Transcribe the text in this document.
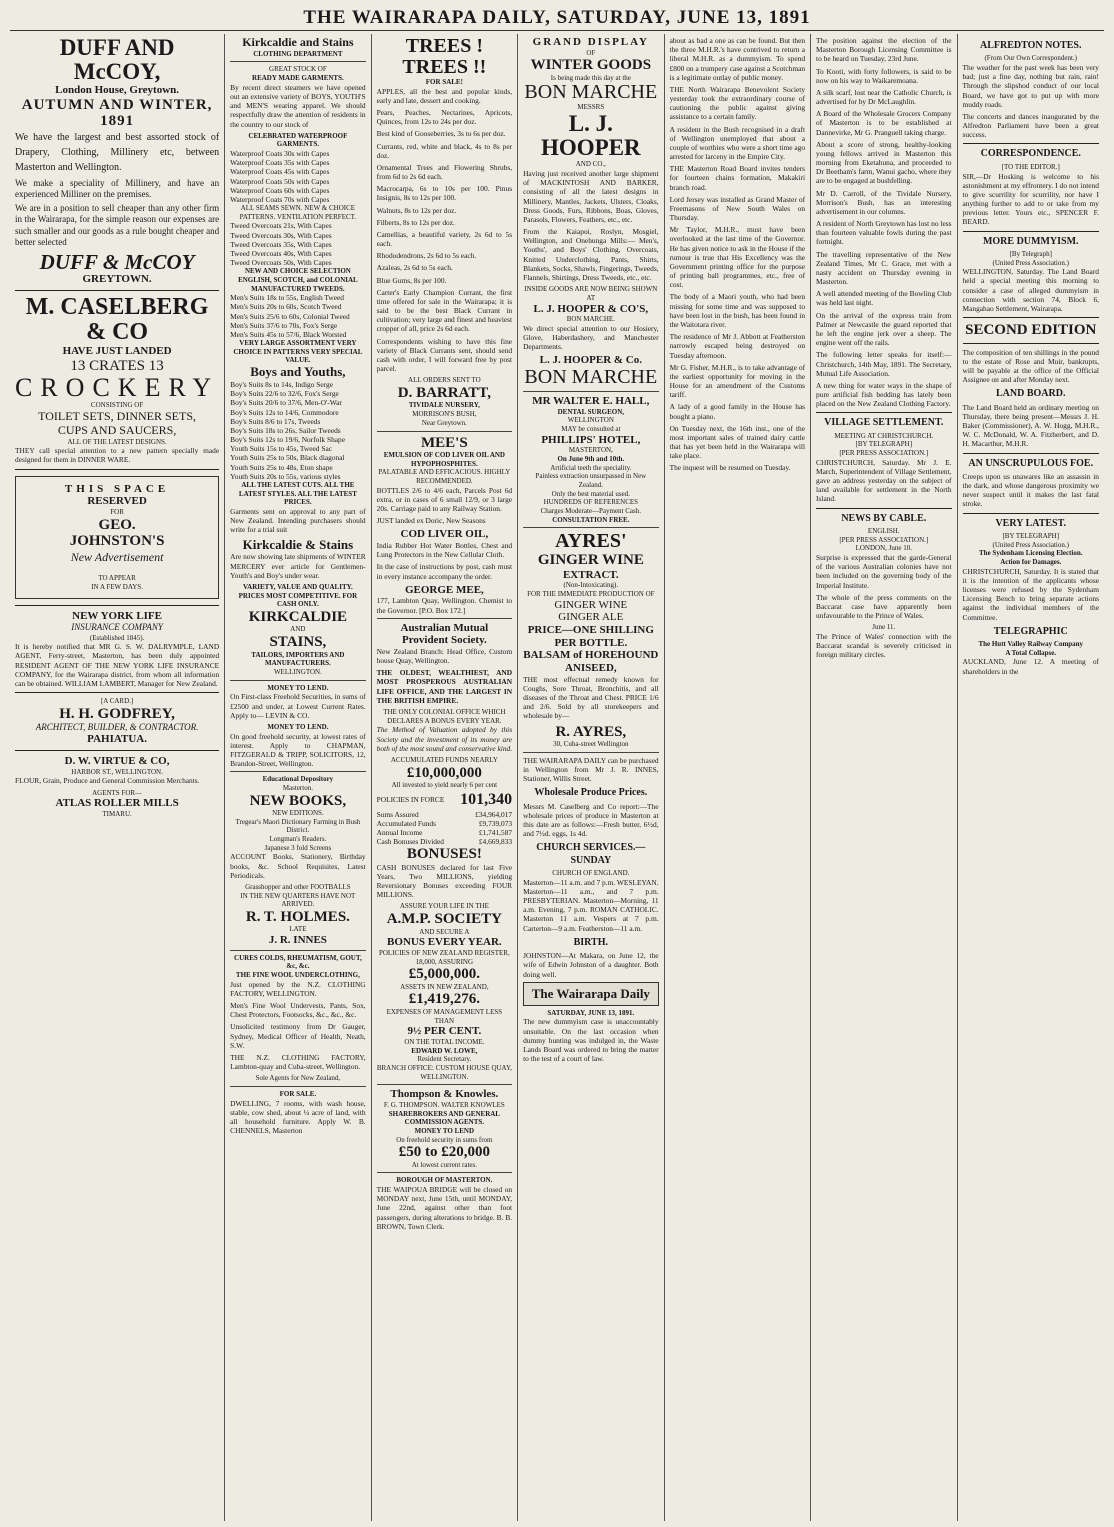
THE WAIRARAPA DAILY, SATURDAY, JUNE 13, 1891
DUFF AND McCOY,
London House, Greytown.
AUTUMN AND WINTER, 1891

We have the largest and best assorted stock of Drapery, Clothing, Millinery etc, between Masterton and Wellington.

We make a speciality of Millinery, and have an experienced Milliner on the premises.

We are in a position to sell cheaper than any other firm in the Wairarapa, for the simple reason our expenses are such smaller and our goods as a rule bought cheaper and better selected

DUFF & McCOY
GREYTOWN.
M. CASELBERG & CO
HAVE JUST LANDED
13 CRATES 13
CROCKERY
CONSISTING OF
TOILET SETS, DINNER SETS,
CUPS AND SAUCERS,
ALL OF THE LATEST DESIGNS.

THEY call special attention to a new pattern specially made designed for them in DINNER WARE.

THIS SPACE
RESERVED
FOR
GEO.
JOHNSTON'S
New Advertisement
TO APPEAR
IN A FEW DAYS.
NEW YORK LIFE
INSURANCE COMPANY
(Established 1845).

It is hereby notified that MR G. S. W. DALRYMPLE, LAND AGENT, Ferry-street, Masterton, has been duly appointed RESIDENT AGENT OF THE NEW YORK LIFE INSURANCE COMPANY, for the Wairarapa district, from whom all information can be obtained. WILLIAM LAMBERT, Manager for New Zealand.

[A CARD.]
H. H. GODFREY,
ARCHITECT, BUILDER, & CONTRACTOR.
PAHIATUA.
D. W. VIRTUE & CO,
HARBOR ST., WELLINGTON.

FLOUR, Grain, Produce and General Commission Merchants.

AGENTS FOR—
ATLAS ROLLER MILLS
TIMARU.
Kirkcaldie and Stains
CLOTHING DEPARTMENT
GREAT STOCK OF
READY MADE GARMENTS.

By recent direct steamers we have opened out an extensive variety of BOYS, YOUTH'S and MEN'S wearing apparel. We should respectfully draw the attention of residents in the country to our stock of

CELEBRATED WATERPROOF GARMENTS.
Waterproof Coats 30s with Capes
Waterproof Coats 35s with Capes
Waterproof Coats 45s with Capes
Waterproof Coats 50s with Capes
Waterproof Coats 60s with Capes
Waterproof Coats 70s with Capes
ALL SEAMS SEWN. NEW & CHOICE PATTERNS. VENTILATION PERFECT.
Tweed Overcoats 21s, With Capes
Tweed Overcoats 30s, With Capes
Tweed Overcoats 35s, With Capes
Tweed Overcoats 40s, With Capes
Tweed Overcoats 50s, With Capes
NEW AND CHOICE SELECTION ENGLISH, SCOTCH, and COLONIAL MANUFACTURED TWEEDS.
Men's Suits 18s to 55s, English Tweed
Men's Suits 20s to 60s, Scotch Tweed
Men's Suits 25/6 to 60s, Colonial Tweed
Men's Suits 37/6 to 70s, Fox's Serge
Men's Suits 45s to 57/6, Black Worsted
VERY LARGE ASSORTMENT VERY CHOICE IN PATTERNS VERY SPECIAL VALUE.
Boys and Youths,
Boy's Suits 8s to 14s, Indigo Serge
Boy's Suits 22/6 to 32/6, Fox's Serge
Boy's Suits 20/6 to 37/6, Men-O'-War
Boy's Suits 12s to 14/6, Commodore
Boy's Suits 8/6 to 17s, Tweeds
Boy's Suits 18s to 26s, Sailor Tweeds
Boy's Suits 12s to 19/6, Norfolk Shape
Youth Suits 15s to 45s, Tweed Sac
Youth Suits 25s to 50s, Black diagonal
Youth Suits 25s to 48s, Eton shape
Youth Suits 20s to 55s, various styles
ALL THE LATEST CUTS. ALL THE LATEST STYLES. ALL THE LATEST PRICES.

Garments sent on approval to any part of New Zealand. Intending purchasers should write for a trial suit

Kirkcaldie & Stains

Are now showing late shipments of WINTER MERCERY ever article for Gentlemen-Youth's and Boy's under wear.

VARIETY, VALUE AND QUALITY. PRICES MOST COMPETITIVE. FOR CASH ONLY.
KIRKCALDIE
AND
STAINS,
TAILORS, IMPORTERS AND MANUFACTURERS.
WELLINGTON.
MONEY TO LEND.

On First-class Freehold Securities, in sums of £2500 and under, at Lowest Current Rates. Apply to— LEVIN & CO.

MONEY TO LEND.

On good freehold security, at lowest rates of interest. Apply to CHAPMAN, FITZGERALD & TRIPP, SOLICITORS, 12, Brandon-Street, Wellington.

Educational Depository
Masterton.
NEW BOOKS,
NEW EDITIONS.
Tregear's Maori Dictionary Farming in Bush District.
Longman's Readers.
Japanese 3 fold Screens

ACCOUNT Books, Stationery, Birthday books, &c. School Requisites, Latest Periodicals.

Grasshopper and other FOOTBALLS
IN THE NEW QUARTERS HAVE NOT ARRIVED.
R. T. HOLMES.
LATE
J. R. INNES
CURES COLDS, RHEUMATISM, GOUT, &c, &c.
THE FINE WOOL UNDERCLOTHING,

Just opened by the N.Z. CLOTHING FACTORY, WELLINGTON.

Men's Fine Wool Undervests, Pants, Sox, Chest Protectors, Footsocks, &c., &c., &c.

Unsolicited testimony from Dr Gauger, Sydney, Medical Officer of Health, Neath, S.W.

THE N.Z. CLOTHING FACTORY, Lambton-quay and Cuba-street, Wellington.

Sole Agents for New Zealand,
FOR SALE.

DWELLING, 7 rooms, with wash house, stable, cow shed, about ¼ acre of land, with all household furniture. Apply W. B. CHENNELS, Masterton

TREES !
TREES !!
FOR SALE!

APPLES, all the best and popular kinds, early and late, dessert and cooking.

Pears, Peaches, Nectarines, Apricots, Quinces, from 12s to 24s per doz.

Best kind of Gooseberries, 3s to 6s per doz.

Currants, red, white and black, 4s to 8s per doz.

Ornamental Trees and Flowering Shrubs, from 6d to 2s 6d each.

Macrocarpa, 6s to 10s per 100. Pinus Insignis, 8s to 12s per 100.

Walnuts, 8s to 12s per doz.

Filberts, 8s to 12s per doz.

Camellias, a beautiful variety, 2s 6d to 5s each.

Rhododendrons, 2s 6d to 5s each.

Azaleas, 2s 6d to 5s each.

Blue Gums, 8s per 100.

Carter's Early Champion Currant, the first time offered for sale in the Wairarapa; it is said to be the best Black Currant in cultivation; very large and finest and heaviest cropper of all, price 2s 6d each.

Correspondents wishing to have this fine variety of Black Currants sent, should send cash with order, I will forward free by post parcel.

ALL ORDERS SENT TO
D. BARRATT,
TIVIDALE NURSERY,
MORRISON'S BUSH,
Near Greytown.
MEE'S
EMULSION OF COD LIVER OIL AND HYPOPHOSPHITES.
PALATABLE AND EFFICACIOUS. HIGHLY RECOMMENDED.

BOTTLES 2/6 to 4/6 each, Parcels Post 6d extra, or in cases of 6 small 12/9, or 3 large 20s. Carriage paid to any Railway Station.

JUST landed ex Doric, New Seasons

COD LIVER OIL,

India Rubber Hot Water Bottles, Chest and Lung Protectors in the New Cellular Cloth.

In the case of instructions by post, cash must in every instance accompany the order.

GEORGE MEE,

177, Lambton Quay, Wellington. Chemist to the Governor. [P.O. Box 172.]

Australian Mutual Provident Society.

New Zealand Branch: Head Office, Custom house Quay, Wellington.

THE OLDEST, WEALTHIEST, AND MOST PROSPEROUS AUSTRALIAN LIFE OFFICE, AND THE LARGEST IN THE BRITISH EMPIRE.

THE ONLY COLONIAL OFFICE WHICH DECLARES A BONUS EVERY YEAR.

The Method of Valuation adopted by this Society and the investment of its money are both of the most sound and conservative kind.

ACCUMULATED FUNDS NEARLY
£10,000,000
All invested to yield nearly 6 per cent
POLICIES IN FORCE 101,340
Sums Assured	£34,964,017
Accumulated Funds	£9,739,073
Annual Income	£1,741,587
Cash Bonuses Divided	£4,669,833
BONUSES!

CASH BONUSES declared for last Five Years, Two MILLIONS, yielding Reversionary Bonuses exceeding FOUR MILLIONS.

ASSURE YOUR LIFE IN THE
A.M.P. SOCIETY
AND SECURE A
BONUS EVERY YEAR.
POLICIES OF NEW ZEALAND REGISTER, 18,000, ASSURING
£5,000,000.
ASSETS IN NEW ZEALAND,
£1,419,276.
EXPENSES OF MANAGEMENT LESS THAN
9½ PER CENT.
ON THE TOTAL INCOME.
EDWARD W. LOWE,
Resident Secretary.
BRANCH OFFICE: CUSTOM HOUSE QUAY, WELLINGTON.
Thompson & Knowles.
F. G. THOMPSON. WALTER KNOWLES
SHAREBROKERS AND GENERAL COMMISSION AGENTS.
MONEY TO LEND
On freehold security in sums from
£50 to £20,000
At lowest current rates.
BOROUGH OF MASTERTON.

THE WAIPOUA BRIDGE will be closed on MONDAY next, June 15th, until MONDAY, June 22nd, against other than foot passengers, during alterations to bridge. B. B. BROWN, Town Clerk.

GRAND DISPLAY
OF
WINTER GOODS
Is being made this day at the
BON MARCHE
MESSRS
L. J. HOOPER
AND CO.,

Having just received another large shipment of MACKINTOSH AND BARKER, consisting of all the latest designs in Millinery, Mantles, Jackets, Ulsters, Cloaks, Dress Goods, Furs, Ribbons, Boas, Gloves, Parasols, Flowers, Feathers, etc., etc.

From the Kaiapoi, Roslyn, Mosgiel, Wellington, and Onehunga Mills:— Men's, Youths', and Boys' Clothing, Overcoats, Knitted Underclothing, Pants, Shirts, Blankets, Socks, Shawls, Fingerings, Tweeds, Flannels, Shirtings, Dress Tweeds, etc., etc.

INSIDE GOODS ARE NOW BEING SHOWN AT
L. J. HOOPER & CO'S,
BON MARCHE.

We direct special attention to our Hosiery, Glove, Haberdashery, and Manchester Departments.

L. J. HOOPER & Co.
BON MARCHE
MR WALTER E. HALL,
DENTAL SURGEON,
WELLINGTON
MAY be consulted at
PHILLIPS' HOTEL,
MASTERTON,
On June 9th and 10th.
Artificial teeth the speciality.
Painless extraction unsurpassed in New Zealand.
Only the best material used.
HUNDREDS OF REFERENCES
Charges Moderate—Payment Cash.
CONSULTATION FREE.
AYRES'
GINGER WINE
EXTRACT.
(Non-Intoxicating).
FOR THE IMMEDIATE PRODUCTION OF
GINGER WINE
GINGER ALE
PRICE—ONE SHILLING PER BOTTLE.
BALSAM of HOREHOUND ANISEED,

THE most effectual remedy known for Coughs, Sore Throat, Bronchitis, and all diseases of the Throat and Chest. PRICE 1/6 and 2/6. Sold by all storekeepers and wholesale by—

R. AYRES,
30, Cuba-street Wellington

THE WAIRARAPA DAILY can be purchased in Wellington from Mr J. R. INNES, Stationer, Willis Street.

Wholesale Produce Prices.

Messrs M. Caselberg and Co report:—The wholesale prices of produce in Masterton at this date are as follows:—Fresh butter, 6½d, and 7½d. eggs, 1s 4d.

CHURCH SERVICES.—SUNDAY
CHURCH OF ENGLAND.

Masterton—11 a.m. and 7 p.m. WESLEYAN. Masterton—11 a.m., and 7 p.m. PRESBYTERIAN. Masterton—Morning, 11 a.m. Evening, 7 p.m. ROMAN CATHOLIC. Masterton 11 a.m. Vespers at 7 p.m. Carterton—9 a.m. Featherston—11 a.m.

BIRTH.

JOHNSTON—At Makara, on June 12, the wife of Edwin Johnston of a daughter. Both doing well.

The Wairarapa Daily
SATURDAY, JUNE 13, 1891.

The new dummyism case is unaccountably unsuitable. On the last occasion when dummy hunting was indulged in, the Waste Lands Board was ordered to bring the matter to the test of a court of law.

about as bad a one as can be found. But then the three M.H.R.'s have contrived to return a liberal M.H.R. as a dummyism. To spend £800 on a trumpery case against a Scotchman is a legitimate outlay of public money.

THE North Wairarapa Benevolent Society yesterday took the extraordinary course of cautioning the public against giving assistance to a certain family.

A resident in the Bush recognised in a draft of Wellington unemployed that about a couple of worthies who were a short time ago arrested for larceny in the Empire City.

THE Masterton Road Board invites tenders for fourteen chains formation, Makakiri branch road.

Lord Jersey was installed as Grand Master of Freemasons of New South Wales on Thursday.

Mr Taylor, M.H.R., must have been overlooked at the last time of the Governor. He has given notice to ask in the House if the rumour is true that His Excellency was the Government printing office for the purpose of printing ball programmes, etc., free of cost.

The body of a Maori youth, who had been missing for some time and was supposed to have been lost in the bush, has been found in the Waitotara river.

The residence of Mr J. Abbott at Featherston narrowly escaped being destroyed on Tuesday afternoon.

Mr G. Fisher, M.H.R., is to take advantage of the earliest opportunity for moving in the House for an amendment of the Customs tariff.

A lady of a good family in the House has bought a piano.

On Tuesday next, the 16th inst., one of the most important sales of trained dairy cattle that has yet been held in the Wairarapa will take place.

The inquest will be resumed on Tuesday.

The position against the election of the Masterton Borough Licensing Committee is to be heard on Tuesday, 23rd June.

To Kooti, with forty followers, is said to be now on his way to Waikaremoana.

A silk scarf, lost near the Catholic Church, is advertised for by Dr McLaughlin.

A Board of the Wholesale Grocers Company of Masterton is to be established at Dannevirke, Mr G. Pranguell taking charge.

About a score of strong, healthy-looking young fellows arrived in Masterton this morning from Eketahuna, and proceeded to Dr Beetham's farm, Wanui gacho, where they are to be engaged at bushfelling.

Mr D. Carroll, of the Tividale Nursery, Morrison's Bush, has an interesting advertisement in our columns.

A resident of North Greytown has lost no less than fourteen valuable fowls during the past fortnight.

The travelling representative of the New Zealand Times, Mr C. Grace, met with a nasty accident on Thursday evening in Masterton.

A well attended meeting of the Bowling Club was held last night.

On the arrival of the express train from Palmer at Newcastle the guard reported that he left the engine jerk over a sheep. The engine went off the rails.

The following letter speaks for itself:—Christchurch, 14th May, 1891. The Secretary, Mutual Life Association.

A new thing for water ways in the shape of pure artificial fish bedding has lately been placed on the New Zealand Clothing Factory.

VILLAGE SETTLEMENT.
MEETING AT CHRISTCHURCH.
[BY TELEGRAPH]
[PER PRESS ASSOCIATION.]

CHRISTCHURCH, Saturday. Mr J. E. March, Superintendent of Village Settlement, gave an address yesterday on the subject of land available for settlement in the North Island.

NEWS BY CABLE.
ENGLISH.
[PER PRESS ASSOCIATION.]
LONDON, June 10.

Surprise is expressed that the garde-General of the various Australian colonies have not been included on the governing body of the Imperial Institute.

The whole of the press comments on the Baccarat case have apparently been unfavourable to the Prince of Wales.

June 11.

The Prince of Wales' connection with the Baccarat scandal is severely criticised in foreign military circles.

ALFREDTON NOTES.
(From Our Own Correspondent.)

The weather for the past week has been very bad; just a fine day, nothing but rain, rain! Through the slipshod conduct of our local Board, we have got to put up with more muddy roads.

The concerts and dances inaugurated by the Alfredton Parliament have been a great success.

CORRESPONDENCE.
[TO THE EDITOR.]

SIR,—Dr Hosking is welcome to his astonishment at my effrontery. I do not intend to give scurrility for scurrility, nor have I anything further to add to or take from my previous letter. Yours etc., SPENCER F. BEARD.

MORE DUMMYISM.
[By Telegraph]
(United Press Association.)

WELLINGTON, Saturday. The Land Board held a special meeting this morning to consider a case of alleged dummyism in connection with section 74, Block 6, Mangahao Settlement, Wairarapa.

SECOND EDITION

The composition of ten shillings in the pound to the estate of Rose and Muir, bankrupts, will be payable at the office of the Official Assignee on and after Monday next.

LAND BOARD.

The Land Board held an ordinary meeting on Thursday, there being present—Messrs J. H. Baker (Commissioner), A. W. Hogg, M.H.R., W. C. McDonald, W. A. Fitzherbert, and D. H. Macarthur, M.H.R.

AN UNSCRUPULOUS FOE.

Creeps upon us unawares like an assassin in the dark, and whose dangerous proximity we never suspect until it makes the last fatal stroke.

VERY LATEST.
[BY TELEGRAPH]
(United Press Association.)
The Sydenham Licensing Election.
Action for Damages.

CHRISTCHURCH, Saturday. It is stated that it is the intention of the applicants whose licenses were refused by the Sydenham Licensing Bench to bring separate actions against the individual members of the Committee.

TELEGRAPHIC
The Hutt Valley Railway Company
A Total Collapse.

AUCKLAND, June 12. A meeting of shareholders in the
